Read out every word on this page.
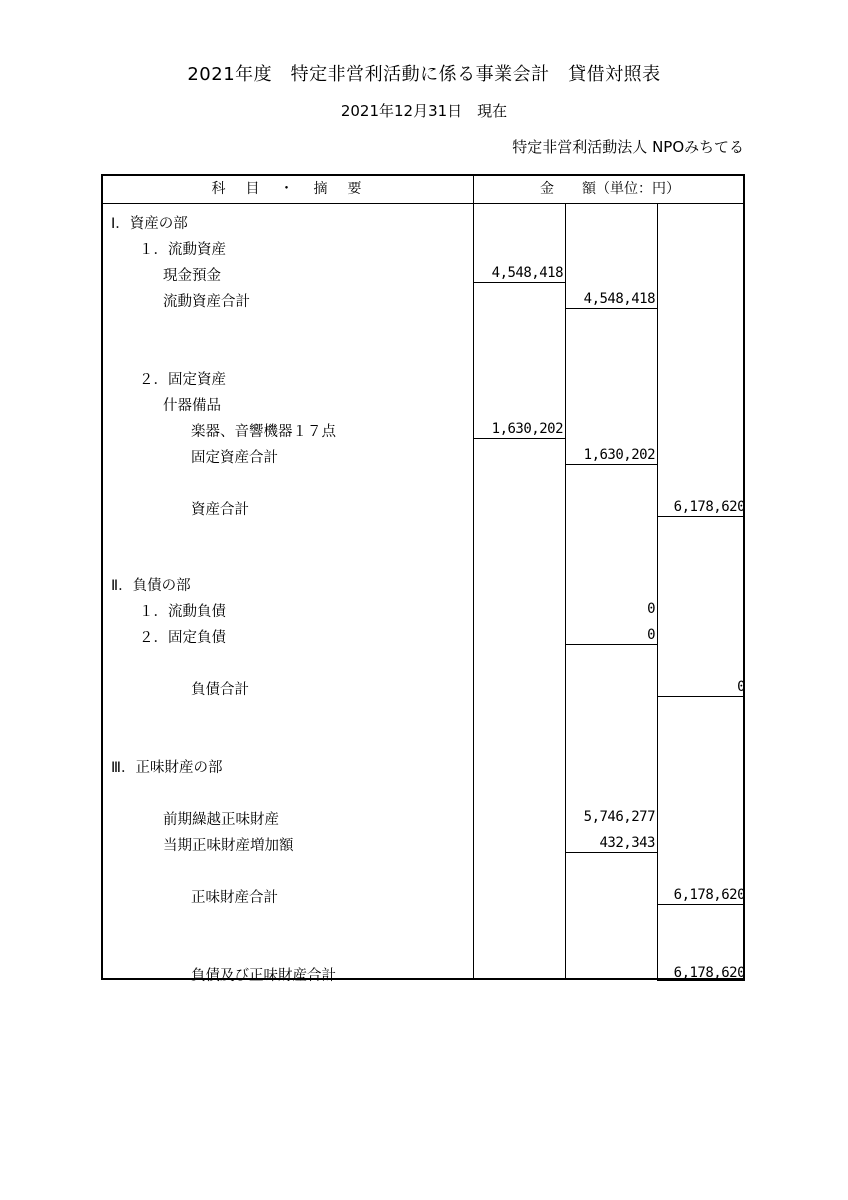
2021年度　特定非営利活動に係る事業会計　貸借対照表
2021年12月31日　現在
特定非営利活動法人 NPOみちてる
科　目　・　摘　要	金　　額（単位：円）
Ⅰ．資産の部
１．流動資産
現金預金	4,548,418
流動資産合計	4,548,418
２．固定資産
什器備品
楽器、音響機器１７点	1,630,202
固定資産合計	1,630,202
資産合計	6,178,620
Ⅱ．負債の部
１．流動負債	0
２．固定負債	0
負債合計	0
Ⅲ．正味財産の部
前期繰越正味財産	5,746,277
当期正味財産増加額	432,343
正味財産合計	6,178,620
負債及び正味財産合計	6,178,620
